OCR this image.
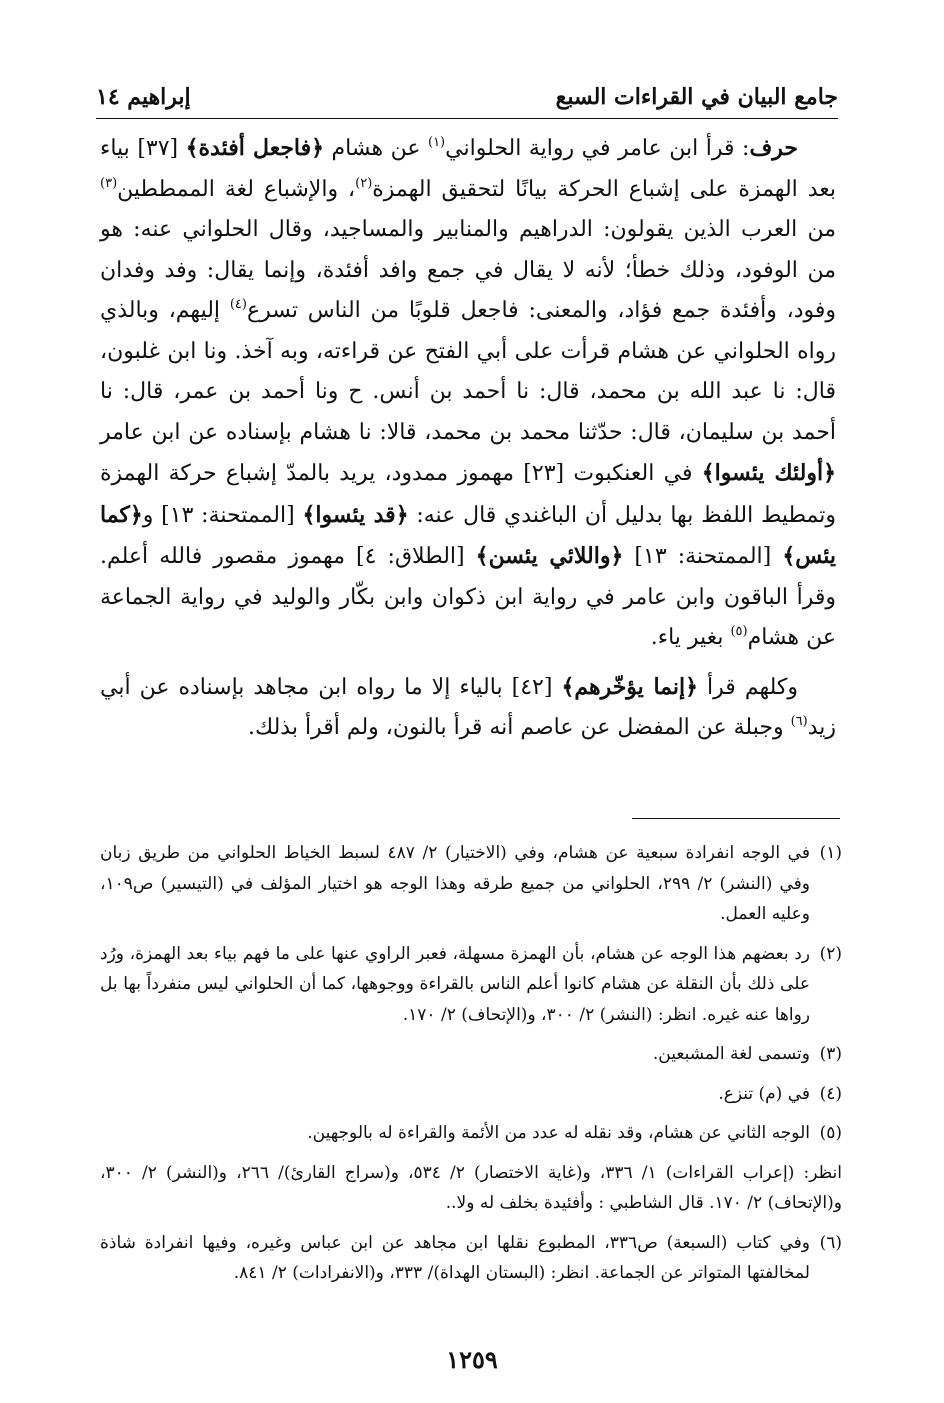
جامع البيان في القراءات السبع
إبراهيم ١٤

حرف: قرأ ابن عامر في رواية الحلواني$^{(١)}$ عن هشام ﴿فاجعل أفئدة﴾ [٣٧] بياء بعد الهمزة على إشباع الحركة بيانًا لتحقيق الهمزة$^{(٢)}$، والإشباع لغة الممططين$^{(٣)}$ من العرب الذين يقولون: الدراهيم والمنابير والمساجيد، وقال الحلواني عنه: هو من الوفود، وذلك خطأ؛ لأنه لا يقال في جمع وافد أفئدة، وإنما يقال: وفد وفدان وفود، وأفئدة جمع فؤاد، والمعنى: فاجعل قلوبًا من الناس تسرع$^{(٤)}$ إليهم، وبالذي رواه الحلواني عن هشام قرأت على أبي الفتح عن قراءته، وبه آخذ. ونا ابن غلبون، قال: نا عبد الله بن محمد، قال: نا أحمد بن أنس. ح ونا أحمد بن عمر، قال: نا أحمد بن سليمان، قال: حدّثنا محمد بن محمد، قالا: نا هشام بإسناده عن ابن عامر ﴿أولئك يئسوا﴾ في العنكبوت [٢٣] مهموز ممدود، يريد بالمدّ إشباع حركة الهمزة وتمطيط اللفظ بها بدليل أن الباغندي قال عنه: ﴿قد يئسوا﴾ [الممتحنة: ١٣] و﴿كما يئس﴾ [الممتحنة: ١٣] ﴿واللائي يئسن﴾ [الطلاق: ٤] مهموز مقصور فالله أعلم. وقرأ الباقون وابن عامر في رواية ابن ذكوان وابن بكّار والوليد في رواية الجماعة عن هشام$^{(٥)}$ بغير ياء.

وكلهم قرأ ﴿إنما يؤخّرهم﴾ [٤٢] بالياء إلا ما رواه ابن مجاهد بإسناده عن أبي زيد$^{(٦)}$ وجبلة عن المفضل عن عاصم أنه قرأ بالنون، ولم أقرأ بذلك.

(١)في الوجه انفرادة سبعية عن هشام، وفي (الاختيار) ٢/ ٤٨٧ لسبط الخياط الحلواني من طريق زبان وفي (النشر) ٢/ ٢٩٩، الحلواني من جميع طرقه وهذا الوجه هو اختيار المؤلف في (التيسير) ص١٠٩، وعليه العمل.

(٢)رد بعضهم هذا الوجه عن هشام، بأن الهمزة مسهلة، فعبر الراوي عنها على ما فهم بياء بعد الهمزة، ورُد على ذلك بأن النقلة عن هشام كانوا أعلم الناس بالقراءة ووجوهها، كما أن الحلواني ليس منفرداً بها بل رواها عنه غيره. انظر: (النشر) ٢/ ٣٠٠، و(الإتحاف) ٢/ ١٧٠.

(٣)وتسمى لغة المشبعين.

(٤)في (م) تنزع.

(٥)الوجه الثاني عن هشام، وقد نقله له عدد من الأئمة والقراءة له بالوجهين.

انظر: (إعراب القراءات) ١/ ٣٣٦، و(غاية الاختصار) ٢/ ٥٣٤، و(سراج القارئ)/ ٢٦٦، و(النشر) ٢/ ٣٠٠، و(الإتحاف) ٢/ ١٧٠. قال الشاطبي : وأفئيدة بخلف له ولا..

(٦)وفي كتاب (السبعة) ص٣٣٦، المطبوع نقلها ابن مجاهد عن ابن عباس وغيره، وفيها انفرادة شاذة لمخالفتها المتواتر عن الجماعة. انظر: (البستان الهداة)/ ٣٣٣، و(الانفرادات) ٢/ ٨٤١.

١٢٥٩
